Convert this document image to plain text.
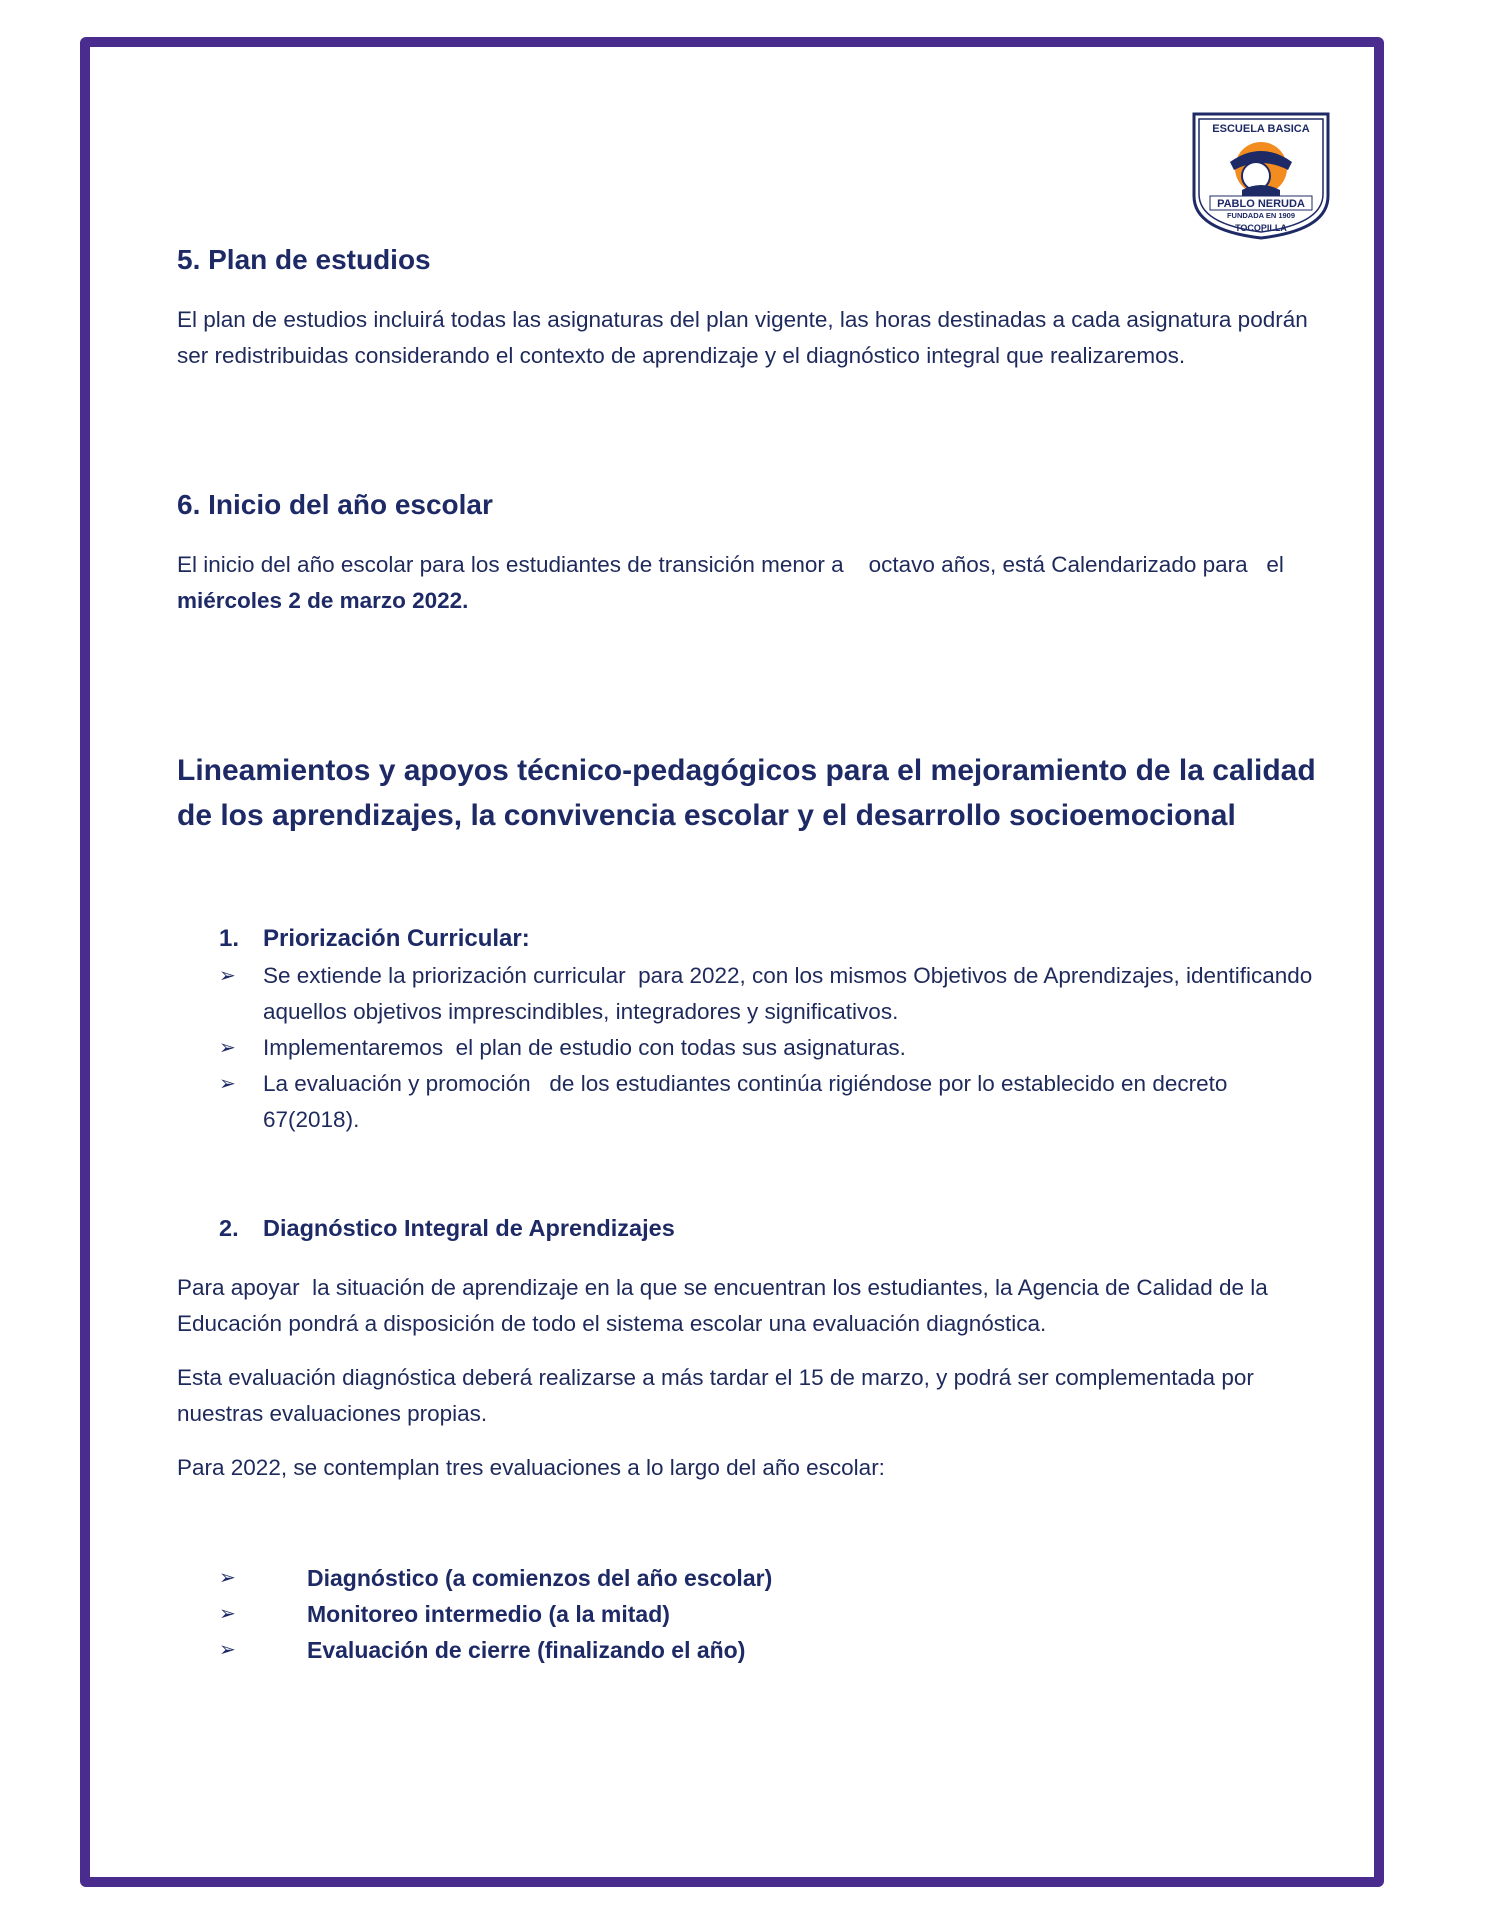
ESCUELA BASICA
PABLO NERUDA
FUNDADA EN 1909
TOCOPILLA
5. Plan de estudios

El plan de estudios incluirá todas las asignaturas del plan vigente, las horas destinadas a cada asignatura podrán ser redistribuidas considerando el contexto de aprendizaje y el diagnóstico integral que realizaremos.

6. Inicio del año escolar

El inicio del año escolar para los estudiantes de transición menor a    octavo años, está Calendarizado para   el miércoles 2 de marzo 2022.

Lineamientos y apoyos técnico-pedagógicos para el mejoramiento de la calidad de los aprendizajes, la convivencia escolar y el desarrollo socioemocional

1. Priorización Curricular:
➢ Se extiende la priorización curricular  para 2022, con los mismos Objetivos de Aprendizajes, identificando aquellos objetivos imprescindibles, integradores y significativos.
➢ Implementaremos  el plan de estudio con todas sus asignaturas.
➢ La evaluación y promoción   de los estudiantes continúa rigiéndose por lo establecido en decreto 67(2018).
2. Diagnóstico Integral de Aprendizajes

Para apoyar  la situación de aprendizaje en la que se encuentran los estudiantes, la Agencia de Calidad de la Educación pondrá a disposición de todo el sistema escolar una evaluación diagnóstica.

Esta evaluación diagnóstica deberá realizarse a más tardar el 15 de marzo, y podrá ser complementada por nuestras evaluaciones propias.

Para 2022, se contemplan tres evaluaciones a lo largo del año escolar:

➢	Diagnóstico (a comienzos del año escolar)
➢	Monitoreo intermedio (a la mitad)
➢	Evaluación de cierre (finalizando el año)
